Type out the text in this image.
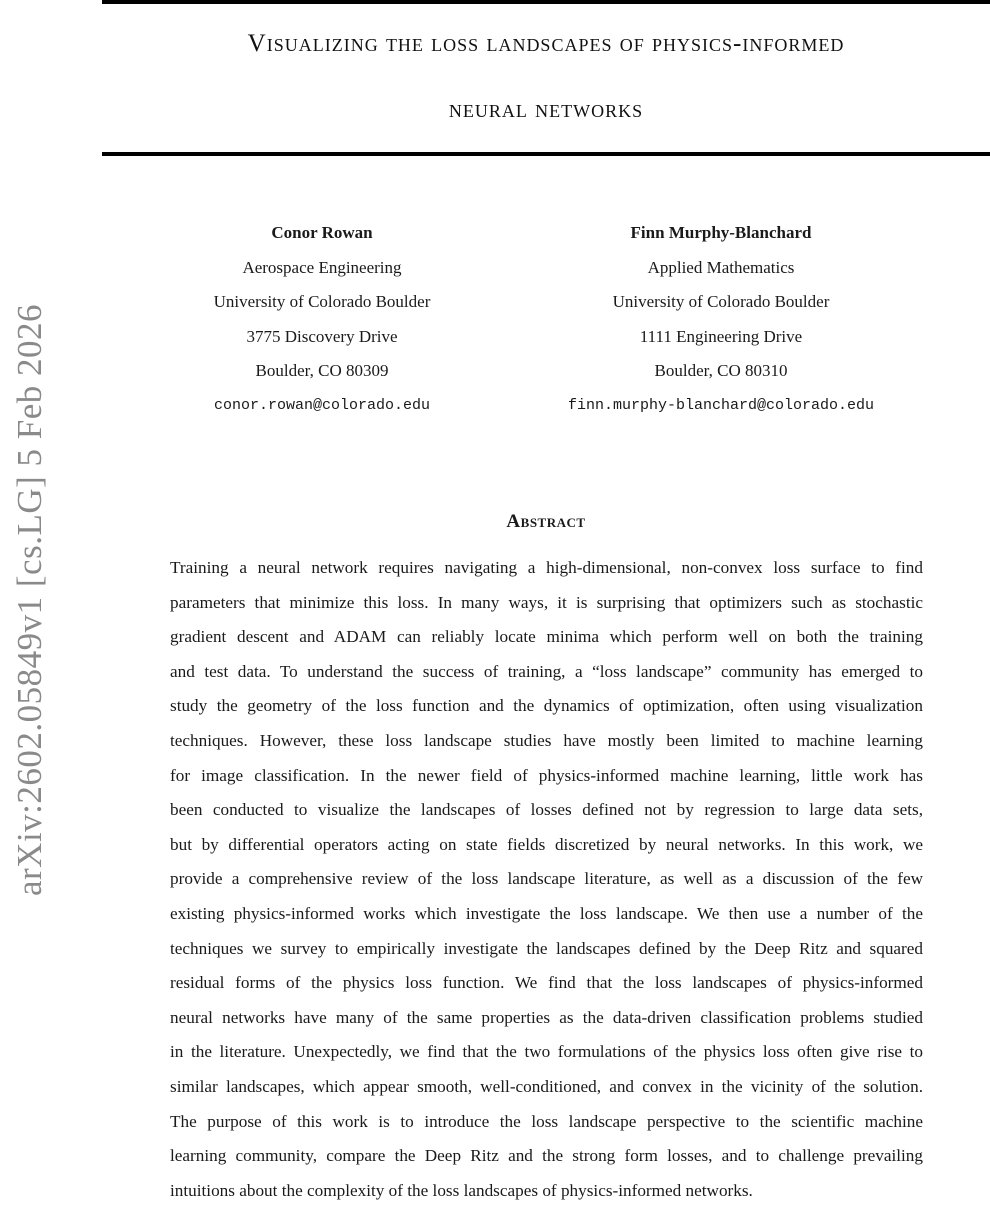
arXiv:2602.05849v1 [cs.LG] 5 Feb 2026
Visualizing the loss landscapes of physics-informed
neural networks
Conor Rowan
Aerospace Engineering
University of Colorado Boulder
3775 Discovery Drive
Boulder, CO 80309
conor.rowan@colorado.edu
Finn Murphy-Blanchard
Applied Mathematics
University of Colorado Boulder
1111 Engineering Drive
Boulder, CO 80310
finn.murphy-blanchard@colorado.edu
Abstract
Training a neural network requires navigating a high-dimensional, non-convex loss surface to find
parameters that minimize this loss. In many ways, it is surprising that optimizers such as stochastic
gradient descent and ADAM can reliably locate minima which perform well on both the training
and test data. To understand the success of training, a “loss landscape” community has emerged to
study the geometry of the loss function and the dynamics of optimization, often using visualization
techniques. However, these loss landscape studies have mostly been limited to machine learning
for image classification. In the newer field of physics-informed machine learning, little work has
been conducted to visualize the landscapes of losses defined not by regression to large data sets,
but by differential operators acting on state fields discretized by neural networks. In this work, we
provide a comprehensive review of the loss landscape literature, as well as a discussion of the few
existing physics-informed works which investigate the loss landscape. We then use a number of the
techniques we survey to empirically investigate the landscapes defined by the Deep Ritz and squared
residual forms of the physics loss function. We find that the loss landscapes of physics-informed
neural networks have many of the same properties as the data-driven classification problems studied
in the literature. Unexpectedly, we find that the two formulations of the physics loss often give rise to
similar landscapes, which appear smooth, well-conditioned, and convex in the vicinity of the solution.
The purpose of this work is to introduce the loss landscape perspective to the scientific machine
learning community, compare the Deep Ritz and the strong form losses, and to challenge prevailing
intuitions about the complexity of the loss landscapes of physics-informed networks.
